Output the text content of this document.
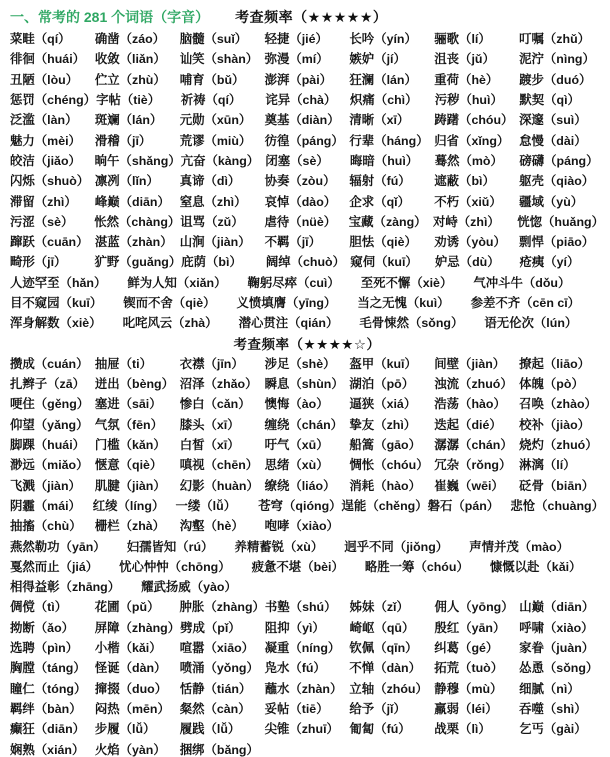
一、常考的 281 个词语（字音） 考查频率（★★★★★）
菜畦（qí）	确凿（záo）	脑髓（suǐ）	轻捷（jié）	长吟（yín）	骊歌（lí）	叮嘱（zhǔ）
徘徊（huái） 收敛（liǎn）	讪笑（shàn） 弥漫（mí）	嫉妒（jí）	沮丧（jǔ）	泥泞（nìng）
丑陋（lòu）	伫立（zhù）	哺育（bǔ）	澎湃（pài）	狂澜（lán）	重荷（hè）	踱步（duó）
惩罚（chéng） 字帖（tiè）	祈祷（qí）	诧异（chà）	炽痛（chì）	污秽（huì）	默契（qì）
泛滥（làn）	斑斓（lán）	元勋（xūn）	奠基（diàn） 清晰（xī）	踌躇（chóu） 深邃（suì）
魅力（mèi）	滑稽（jī）	荒谬（miù）	彷徨（páng） 行辈（háng） 归省（xǐng） 怠慢（dài）
皎洁（jiǎo）	晌午（shǎng） 亢奋（kàng） 闭塞（sè）	晦暗（huì）	蓦然（mò）	磅礴（páng）
闪烁（shuò） 凛冽（lǐn）	真谛（dì）	协奏（zòu）	辐射（fú）	遮蔽（bì）	躯壳（qiào）
滞留（zhì）	峰巅（diān） 窒息（zhì）	哀悼（dào）	企求（qǐ）	不朽（xiǔ）	疆域（yù）
污涩（sè）	怅然（chàng） 诅骂（zǔ）	虐待（nüè）	宝藏（zàng） 对峙（zhì）	恍惚（huǎng）
蹿跃（cuān） 湛蓝（zhàn） 山涧（jiàn）	不羁（jī）	胆怯（qiè）	劝诱（yòu）	剽悍（piāo）
畸形（jī）	犷野（guǎng） 庇荫（bì）	阔绰（chuò） 窥伺（kuī）	妒忌（dù）	疮痍（yí）
人迹罕至（hǎn） 鲜为人知（xiǎn） 鞠躬尽瘁（cuì） 至死不懈（xiè） 气冲斗牛（dǒu）
目不窥园（kuī） 锲而不舍（qiè） 义愤填膺（yīng） 当之无愧（kuì） 参差不齐（cēn cī）
浑身解数（xiè） 叱咤风云（zhà） 潜心贯注（qián） 毛骨悚然（sǒng） 语无伦次（lún）
考查频率（★★★★☆）
攒成（cuán） 抽屉（ti）	衣襟（jīn）	涉足（shè）	盔甲（kuī）	间壁（jiàn）	撩起（liāo）
扎辫子（zā） 迸出（bèng） 沼泽（zhǎo） 瞬息（shùn） 湖泊（pō）	浊流（zhuó） 体魄（pò）
哽住（gěng） 塞进（sāi）	惨白（cǎn）	懊悔（ào）	逼狭（xiá）	浩荡（hào）	召唤（zhào）
仰望（yǎng） 气氛（fēn）	膝头（xī）	缠绕（chán） 挚友（zhì）	迭起（dié）	校补（jiào）
脚踝（huái） 门槛（kǎn）	白皙（xī）	吁气（xū）	船篙（gāo）	潺潺（chán） 烧灼（zhuó）
渺远（miǎo） 惬意（qiè）	嗔视（chēn） 思绪（xù）	惆怅（chóu） 冗杂（rǒng） 淋漓（lí）
飞溅（jiàn）	肌腱（jiàn）	幻影（huàn） 缭绕（liáo）	消耗（hào）	崔巍（wēi）	砭骨（biān）
阴霾（mái） 红绫（líng） 一缕（lǚ）	苍穹（qióng） 逞能（chěng） 磐石（pán） 悲怆（chuàng）
抽搐（chù）	栅栏（zhà）	沟壑（hè）	咆哮（xiào）
燕然勒功（yān） 妇孺皆知（rú） 养精蓄锐（xù） 迥乎不同（jiǒng） 声情并茂（mào）
戛然而止（jiá） 忧心忡忡（chōng） 疲惫不堪（bèi） 略胜一筹（chóu） 慷慨以赴（kǎi）
相得益彰（zhāng） 耀武扬威（yào）
倜傥（tì）	花圃（pǔ）	肿胀（zhàng） 书塾（shú）	姊妹（zǐ）	佣人（yōng） 山巅（diān）
拗断（ǎo）	屏障（zhàng） 劈成（pǐ）	阻抑（yì）	崎岖（qū）	殷红（yān）	呼啸（xiào）
选聘（pìn）	小楷（kǎi）	喧嚣（xiāo） 凝重（níng） 钦佩（qīn）	纠葛（gé）	家眷（juàn）
胸膛（táng） 怪诞（dàn）	喷涌（yǒng） 凫水（fú）	不惮（dàn）	拓荒（tuò）	怂恿（sǒng）
瞳仁（tóng） 撺掇（duo）	恬静（tián）	蘸水（zhàn） 立轴（zhóu） 静穆（mù）	细腻（nì）
羁绊（bàn）	闷热（mēn） 粲然（càn）	妥帖（tiē）	给予（jǐ）	羸弱（léi）	吞噬（shì）
癫狂（diān） 步履（lǚ）	履践（lǚ）	尖锥（zhuī） 匍匐（fú）	战栗（lì）	乞丐（gài）
娴熟（xián） 火焰（yàn）	捆绑（bǎng）
